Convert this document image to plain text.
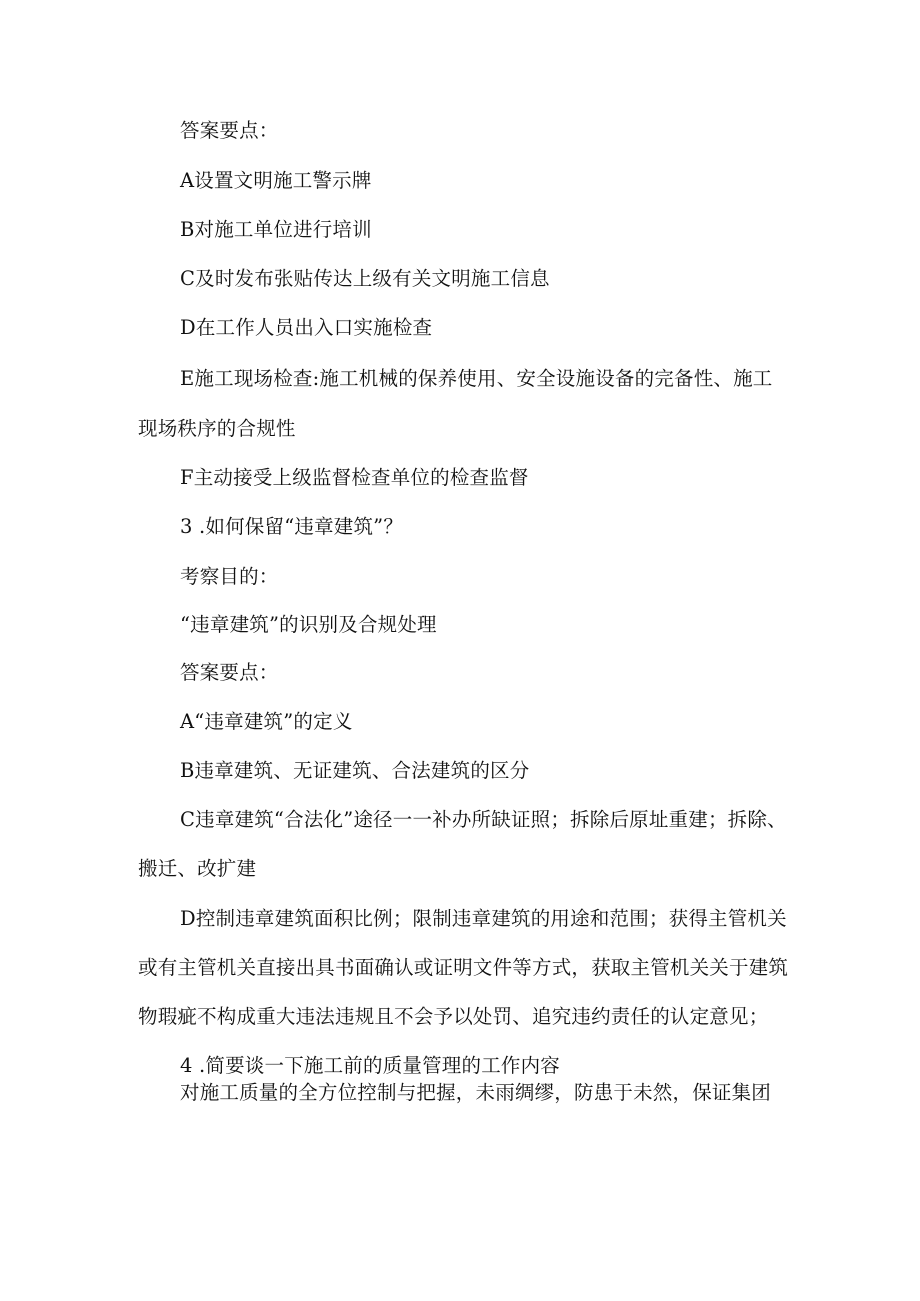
答案要点：
A设置文明施工警示牌
B对施工单位进行培训
C及时发布张贴传达上级有关文明施工信息
D在工作人员出入口实施检查
E施工现场检查:施工机械的保养使用、安全设施设备的完备性、施工
现场秩序的合规性
F主动接受上级监督检查单位的检查监督
3 .如何保留“违章建筑”？
考察目的：
“违章建筑”的识别及合规处理
答案要点：
A“违章建筑”的定义
B违章建筑、无证建筑、合法建筑的区分
C违章建筑“合法化”途径一一补办所缺证照；拆除后原址重建；拆除、
搬迁、改扩建
D控制违章建筑面积比例；限制违章建筑的用途和范围；获得主管机关
或有主管机关直接出具书面确认或证明文件等方式，获取主管机关关于建筑
物瑕疵不构成重大违法违规且不会予以处罚、追究违约责任的认定意见；
4 .简要谈一下施工前的质量管理的工作内容
对施工质量的全方位控制与把握，未雨绸缪，防患于未然，保证集团
